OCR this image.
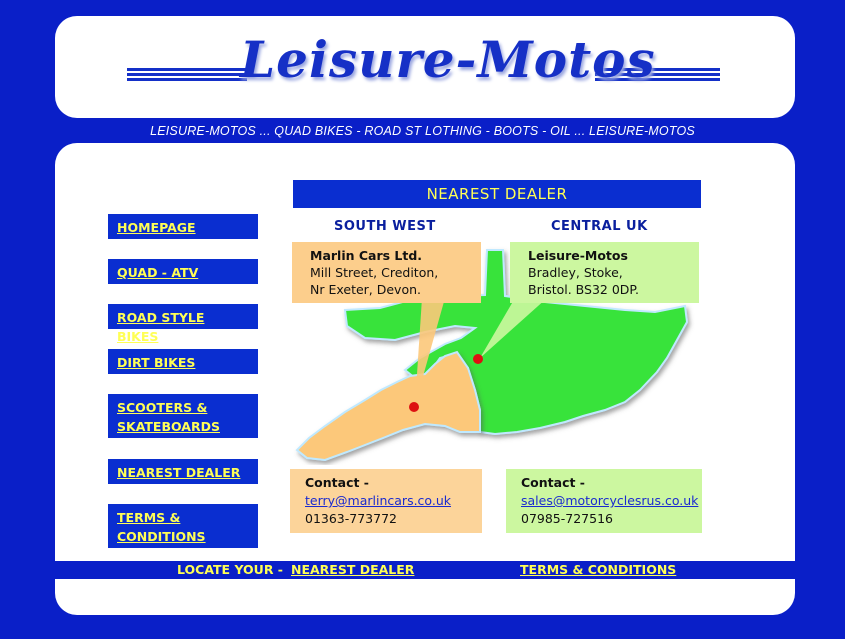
Leisure-Motos
LEISURE-MOTOS ... QUAD BIKES - ROAD ST LOTHING - BOOTS - OIL ... LEISURE-MOTOS
HOMEPAGE
QUAD - ATV
ROAD STYLE BIKES
DIRT BIKES
SCOOTERS &
SKATEBOARDS
NEAREST DEALER
TERMS &
CONDITIONS
NEAREST DEALER
SOUTH WEST	CENTRAL UK
Marlin Cars Ltd.
Mill Street, Crediton,
Nr Exeter, Devon.
Leisure-Motos
Bradley, Stoke,
Bristol. BS32 0DP.
Contact -
terry@marlincars.co.uk
01363-773772
Contact -
sales@motorcyclesrus.co.uk
07985-727516
LOCATE YOUR - NEAREST DEALER	TERMS & CONDITIONS
